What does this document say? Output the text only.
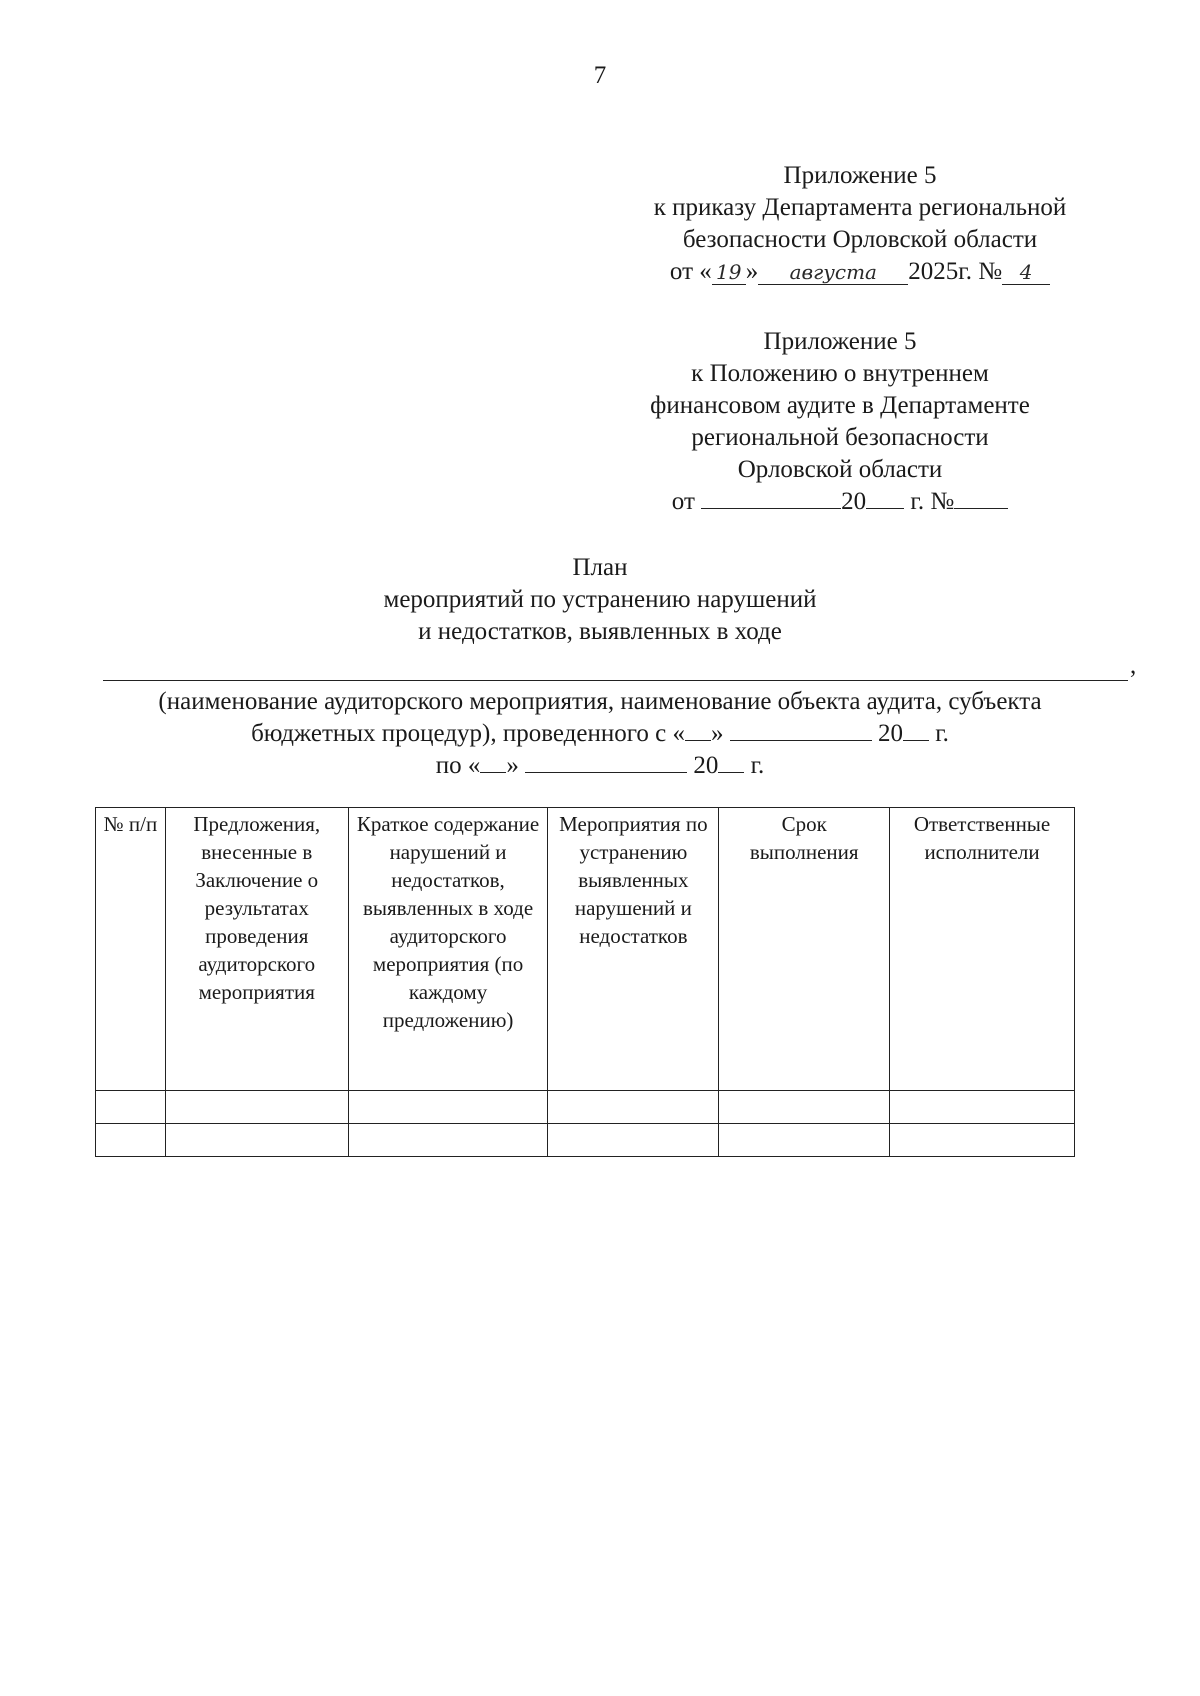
7
Приложение 5
к приказу Департамента региональной
безопасности Орловской области
от « 19 » августа 2025г. № 4
Приложение 5
к Положению о внутреннем
финансовом аудите в Департаменте
региональной безопасности
Орловской области
от	20 г. №
План
мероприятий по устранению нарушений
и недостатков, выявленных в ходе
,
(наименование аудиторского мероприятия, наименование объекта аудита, субъекта
бюджетных процедур), проведенного с « »	20 г.
по « »	20 г.
№ п/п	Предложения, внесенные в Заключение о результатах проведения аудиторского мероприятия	Краткое содержание нарушений и недостатков, выявленных в ходе аудиторского мероприятия (по каждому предложению)	Мероприятия по устранению выявленных нарушений и недостатков	Срок выполнения	Ответственные исполнители
